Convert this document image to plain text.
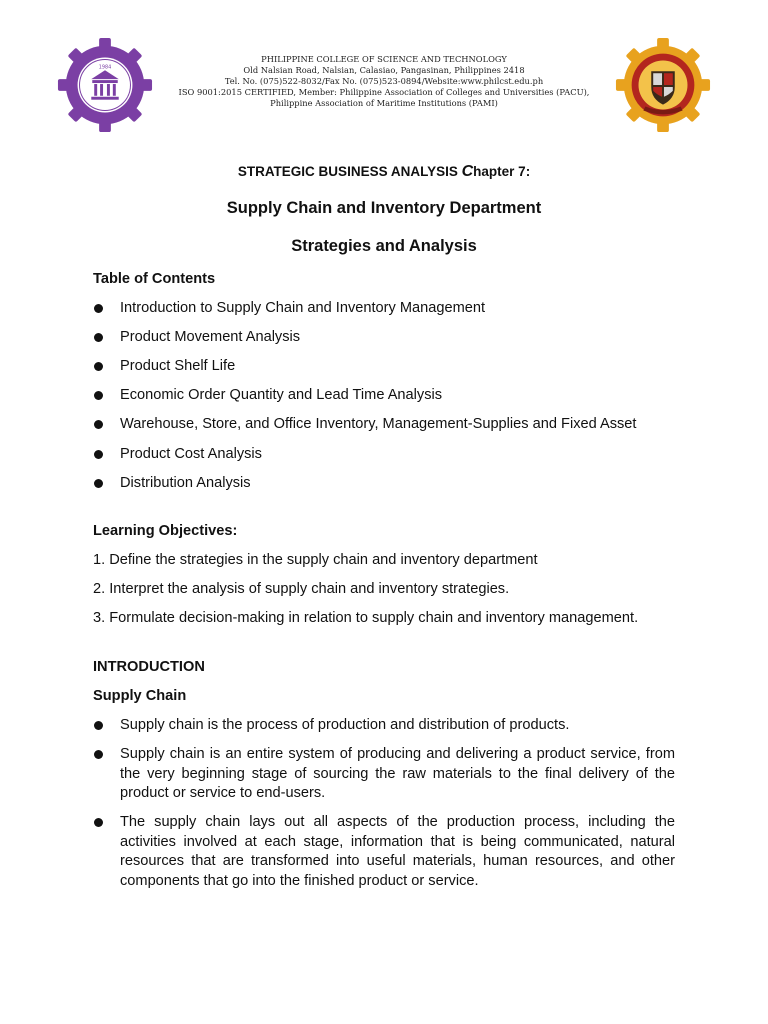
1984
PHILIPPINE COLLEGE OF SCIENCE AND TECHNOLOGY
Old Nalsian Road, Nalsian, Calasiao, Pangasinan, Philippines 2418
Tel. No. (075)522-8032/Fax No. (075)523-0894/Website:www.philcst.edu.ph
ISO 9001:2015 CERTIFIED, Member: Philippine Association of Colleges and Universities (PACU),
Philippine Association of Maritime Institutions (PAMI)
STRATEGIC BUSINESS ANALYSIS Chapter 7:
Supply Chain and Inventory Department
Strategies and Analysis

Table of Contents

Introduction to Supply Chain and Inventory Management
Product Movement Analysis
Product Shelf Life
Economic Order Quantity and Lead Time Analysis
Warehouse, Store, and Office Inventory, Management-Supplies and Fixed Asset
Product Cost Analysis
Distribution Analysis

Learning Objectives:

1. Define the strategies in the supply chain and inventory department
2. Interpret the analysis of supply chain and inventory strategies.
3. Formulate decision-making in relation to supply chain and inventory management.

INTRODUCTION

Supply Chain

Supply chain is the process of production and distribution of products.
Supply chain is an entire system of producing and delivering a product service, from the very beginning stage of sourcing the raw materials to the final delivery of the product or service to end-users.
The supply chain lays out all aspects of the production process, including the activities involved at each stage, information that is being communicated, natural resources that are transformed into useful materials, human resources, and other components that go into the finished product or service.
